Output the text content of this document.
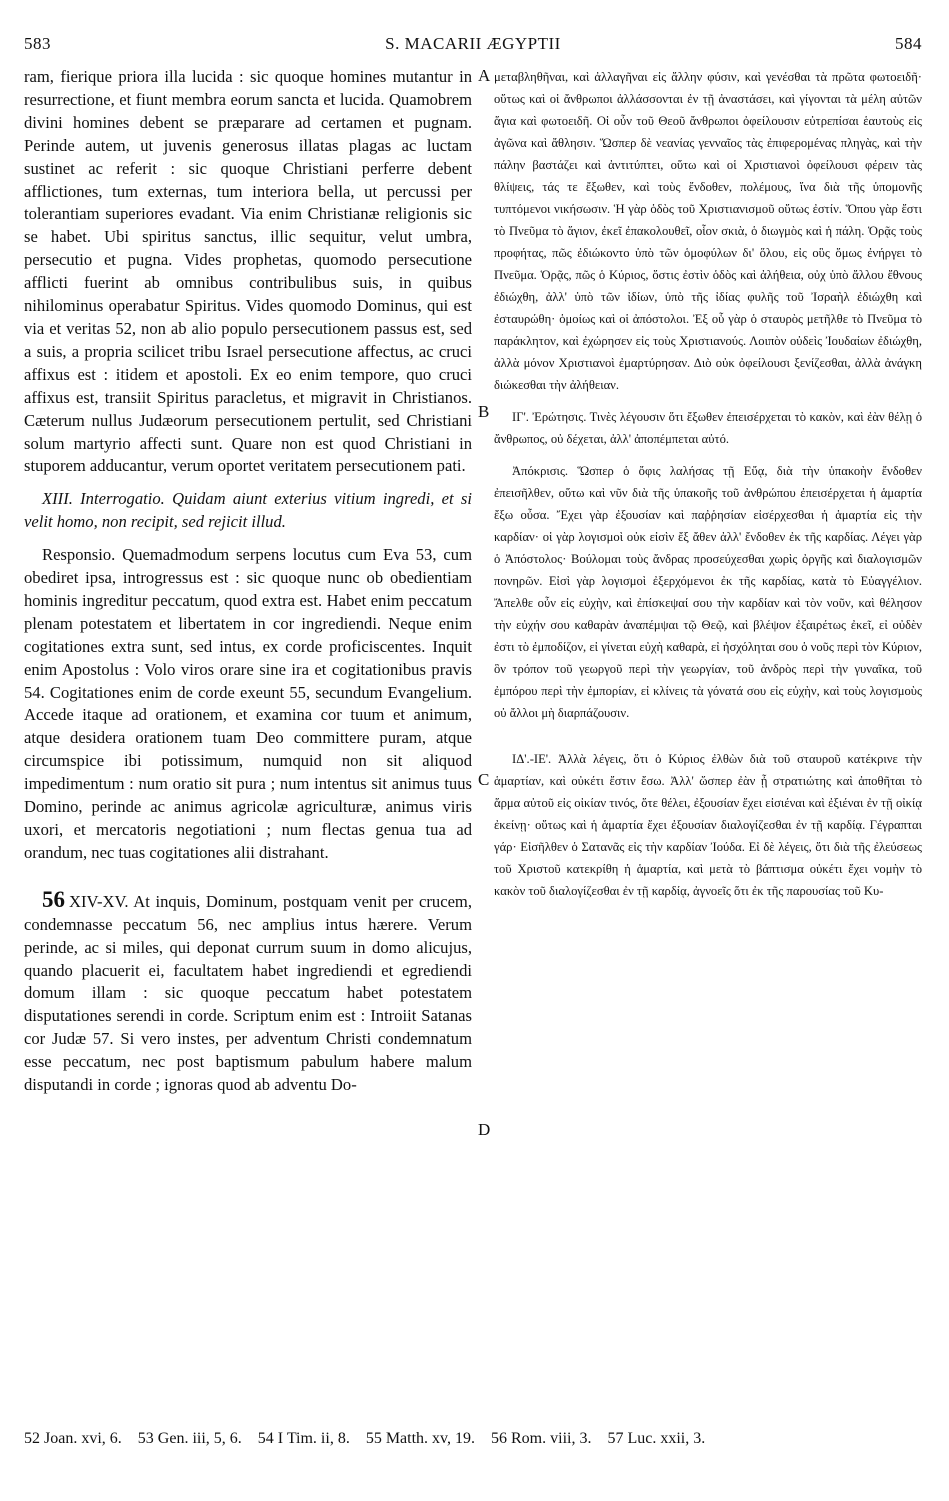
583	S. MACARII ÆGYPTII	584

ram, fierique priora illa lucida : sic quoque homines mutantur in resurrectione, et fiunt membra eorum sancta et lucida. Quamobrem divini homines debent se præparare ad certamen et pugnam. Perinde autem, ut juvenis generosus illatas plagas ac luctam sustinet ac referit : sic quoque Christiani perferre debent afflictiones, tum externas, tum interiora bella, ut percussi per tolerantiam superiores evadant. Via enim Christianæ religionis sic se habet. Ubi spiritus sanctus, illic sequitur, velut umbra, persecutio et pugna. Vides prophetas, quomodo persecutione afflicti fuerint ab omnibus contribulibus suis, in quibus nihilominus operabatur Spiritus. Vides quomodo Dominus, qui est via et veritas 52, non ab alio populo persecutionem passus est, sed a suis, a propria scilicet tribu Israel persecutione affectus, ac cruci affixus est : itidem et apostoli. Ex eo enim tempore, quo cruci affixus est, transiit Spiritus paracletus, et migravit in Christianos. Cæterum nullus Judæorum persecutionem pertulit, sed Christiani solum martyrio affecti sunt. Quare non est quod Christiani in stuporem adducantur, verum oportet veritatem persecutionem pati.

XIII. Interrogatio. Quidam aiunt exterius vitium ingredi, et si velit homo, non recipit, sed rejicit illud.

Responsio. Quemadmodum serpens locutus cum Eva 53, cum obediret ipsa, introgressus est : sic quoque nunc ob obedientiam hominis ingreditur peccatum, quod extra est. Habet enim peccatum plenam potestatem et libertatem in cor ingrediendi. Neque enim cogitationes extra sunt, sed intus, ex corde proficiscentes. Inquit enim Apostolus : Volo viros orare sine ira et cogitationibus pravis 54. Cogitationes enim de corde exeunt 55, secundum Evangelium. Accede itaque ad orationem, et examina cor tuum et animum, atque desidera orationem tuam Deo committere puram, atque circumspice ibi potissimum, numquid non sit aliquod impedimentum : num oratio sit pura ; num intentus sit animus tuus Domino, perinde ac animus agricolæ agriculturæ, animus viris uxori, et mercatoris negotiationi ; num flectas genua tua ad orandum, nec tuas cogitationes alii distrahant.

56 XIV-XV. At inquis, Dominum, postquam venit per crucem, condemnasse peccatum 56, nec amplius intus hærere. Verum perinde, ac si miles, qui deponat currum suum in domo alicujus, quando placuerit ei, facultatem habet ingrediendi et egrediendi domum illam : sic quoque peccatum habet potestatem disputationes serendi in corde. Scriptum enim est : Introiit Satanas cor Judæ 57. Si vero instes, per adventum Christi condemnatum esse peccatum, nec post baptismum pabulum habere malum disputandi in corde ; ignoras quod ab adventu Do-

A
B
C
D

μεταβληθῆναι, καὶ ἀλλαγῆναι εἰς ἄλλην φύσιν, καὶ γενέσθαι τὰ πρῶτα φωτοειδῆ· οὕτως καὶ οἱ ἄνθρωποι ἀλλάσσονται ἐν τῇ ἀναστάσει, καὶ γίγονται τὰ μέλη αὐτῶν ἅγια καὶ φωτοειδῆ. Οἱ οὖν τοῦ Θεοῦ ἄνθρωποι ὀφείλουσιν εὐτρεπίσαι ἑαυτοὺς εἰς ἀγῶνα καὶ ἄθλησιν. Ὥσπερ δὲ νεανίας γενναῖος τὰς ἐπιφερομένας πληγὰς, καὶ τὴν πάλην βαστάζει καὶ ἀντιτύπτει, οὕτω καὶ οἱ Χριστιανοὶ ὀφείλουσι φέρειν τὰς θλίψεις, τάς τε ἔξωθεν, καὶ τοὺς ἔνδοθεν, πολέμους, ἵνα διὰ τῆς ὑπομονῆς τυπτόμενοι νικήσωσιν. Ἡ γὰρ ὁδὸς τοῦ Χριστιανισμοῦ οὕτως ἐστίν. Ὅπου γὰρ ἔστι τὸ Πνεῦμα τὸ ἅγιον, ἐκεῖ ἐπακολουθεῖ, οἷον σκιὰ, ὁ διωγμὸς καὶ ἡ πάλη. Ὁρᾷς τοὺς προφήτας, πῶς ἐδιώκοντο ὑπὸ τῶν ὁμοφύλων δι' ὅλου, εἰς οὓς ὅμως ἐνήργει τὸ Πνεῦμα. Ὁρᾷς, πῶς ὁ Κύριος, ὅστις ἐστὶν ὁδὸς καὶ ἀλήθεια, οὐχ ὑπὸ ἄλλου ἔθνους ἐδιώχθη, ἀλλ' ὑπὸ τῶν ἰδίων, ὑπὸ τῆς ἰδίας φυλῆς τοῦ Ἰσραὴλ ἐδιώχθη καὶ ἐσταυρώθη· ὁμοίως καὶ οἱ ἀπόστολοι. Ἐξ οὗ γὰρ ὁ σταυρὸς μετῆλθε τὸ Πνεῦμα τὸ παράκλητον, καὶ ἐχώρησεν εἰς τοὺς Χριστιανούς. Λοιπὸν οὐδεὶς Ἰουδαίων ἐδιώχθη, ἀλλὰ μόνον Χριστιανοὶ ἐμαρτύρησαν. Διὸ οὐκ ὀφείλουσι ξενίζεσθαι, ἀλλὰ ἀνάγκη διώκεσθαι τὴν ἀλήθειαν.

ΙΓ'. Ἐρώτησις. Τινὲς λέγουσιν ὅτι ἔξωθεν ἐπεισέρχεται τὸ κακὸν, καὶ ἐὰν θέλῃ ὁ ἄνθρωπος, οὐ δέχεται, ἀλλ' ἀποπέμπεται αὐτό.

Ἀπόκρισις. Ὥσπερ ὁ ὄφις λαλήσας τῇ Εὔᾳ, διὰ τὴν ὑπακοὴν ἔνδοθεν ἐπεισῆλθεν, οὕτω καὶ νῦν διὰ τῆς ὑπακοῆς τοῦ ἀνθρώπου ἐπεισέρχεται ἡ ἁμαρτία ἔξω οὖσα. Ἔχει γὰρ ἐξουσίαν καὶ παῤῥησίαν εἰσέρχεσθαι ἡ ἁμαρτία εἰς τὴν καρδίαν· οἱ γὰρ λογισμοὶ οὐκ εἰσὶν ἔξ ἄθεν ἀλλ' ἔνδοθεν ἐκ τῆς καρδίας. Λέγει γὰρ ὁ Ἀπόστολος· Βούλομαι τοὺς ἄνδρας προσεύχεσθαι χωρὶς ὀργῆς καὶ διαλογισμῶν πονηρῶν. Εἰσὶ γὰρ λογισμοὶ ἐξερχόμενοι ἐκ τῆς καρδίας, κατὰ τὸ Εὐαγγέλιον. Ἄπελθε οὖν εἰς εὐχὴν, καὶ ἐπίσκεψαί σου τὴν καρδίαν καὶ τὸν νοῦν, καὶ θέλησον τὴν εὐχήν σου καθαρὰν ἀναπέμψαι τῷ Θεῷ, καὶ βλέψον ἐξαιρέτως ἐκεῖ, εἰ οὐδὲν ἐστι τὸ ἐμποδίζον, εἰ γίνεται εὐχὴ καθαρὰ, εἰ ἠσχόληται σου ὁ νοῦς περὶ τὸν Κύριον, ὃν τρόπον τοῦ γεωργοῦ περὶ τὴν γεωργίαν, τοῦ ἀνδρὸς περὶ τὴν γυναῖκα, τοῦ ἐμπόρου περὶ τὴν ἐμπορίαν, εἰ κλίνεις τὰ γόνατά σου εἰς εὐχὴν, καὶ τοὺς λογισμοὺς οὐ ἄλλοι μὴ διαρπάζουσιν.

ΙΔ'.-ΙΕ'. Ἀλλὰ λέγεις, ὅτι ὁ Κύριος ἐλθὼν διὰ τοῦ σταυροῦ κατέκρινε τὴν ἁμαρτίαν, καὶ οὐκέτι ἔστιν ἔσω. Ἀλλ' ὥσπερ ἐὰν ᾖ στρατιώτης καὶ ἀποθῆται τὸ ἅρμα αὐτοῦ εἰς οἰκίαν τινός, ὅτε θέλει, ἐξουσίαν ἔχει εἰσιέναι καὶ ἐξιέναι ἐν τῇ οἰκίᾳ ἐκείνῃ· οὕτως καὶ ἡ ἁμαρτία ἔχει ἐξουσίαν διαλογίζεσθαι ἐν τῇ καρδίᾳ. Γέγραπται γάρ· Εἰσῆλθεν ὁ Σατανᾶς εἰς τὴν καρδίαν Ἰούδα. Εἰ δὲ λέγεις, ὅτι διὰ τῆς ἐλεύσεως τοῦ Χριστοῦ κατεκρίθη ἡ ἁμαρτία, καὶ μετὰ τὸ βάπτισμα οὐκέτι ἔχει νομὴν τὸ κακὸν τοῦ διαλογίζεσθαι ἐν τῇ καρδίᾳ, ἀγνοεῖς ὅτι ἐκ τῆς παρουσίας τοῦ Κυ-

52 Joan. xvi, 6. 53 Gen. iii, 5, 6. 54 I Tim. ii, 8. 55 Matth. xv, 19. 56 Rom. viii, 3. 57 Luc. xxii, 3.
